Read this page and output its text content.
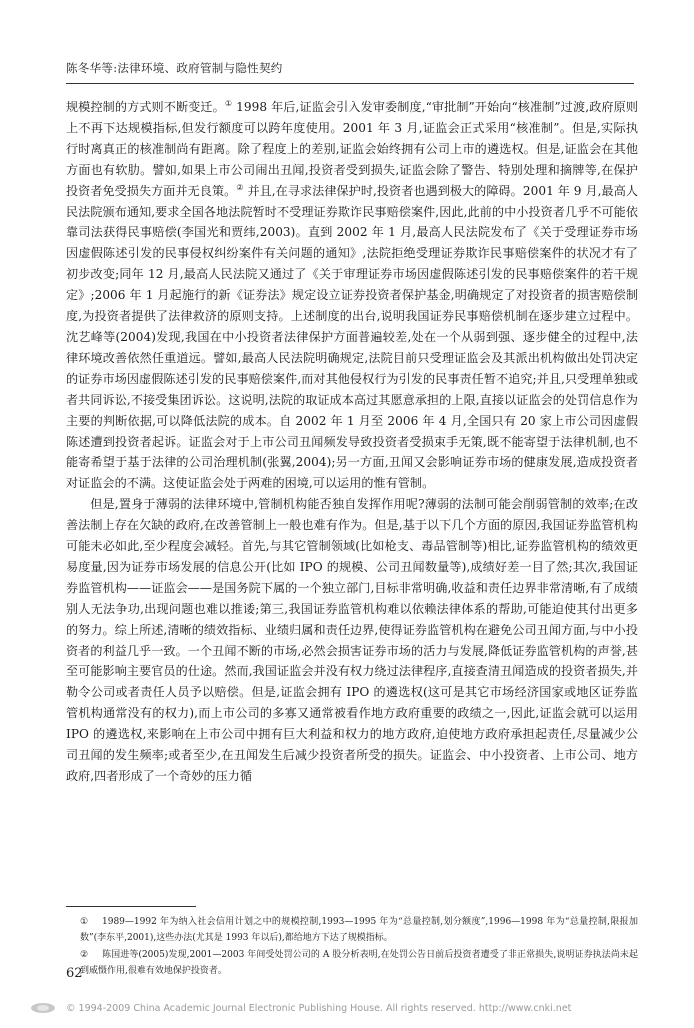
陈冬华等:法律环境、政府管制与隐性契约

规模控制的方式则不断变迁。① 1998 年后,证监会引入发审委制度,“审批制”开始向“核准制”过渡,政府原则上不再下达规模指标,但发行额度可以跨年度使用。2001 年 3 月,证监会正式采用“核准制”。但是,实际执行时离真正的核准制尚有距离。除了程度上的差别,证监会始终拥有公司上市的遴选权。但是,证监会在其他方面也有软肋。譬如,如果上市公司闹出丑闻,投资者受到损失,证监会除了警告、特别处理和摘牌等,在保护投资者免受损失方面并无良策。② 并且,在寻求法律保护时,投资者也遇到极大的障碍。2001 年 9 月,最高人民法院颁布通知,要求全国各地法院暂时不受理证券欺诈民事赔偿案件,因此,此前的中小投资者几乎不可能依靠司法获得民事赔偿(李国光和贾纬,2003)。直到 2002 年 1 月,最高人民法院发布了《关于受理证券市场因虚假陈述引发的民事侵权纠纷案件有关问题的通知》,法院拒绝受理证券欺诈民事赔偿案件的状况才有了初步改变;同年 12 月,最高人民法院又通过了《关于审理证券市场因虚假陈述引发的民事赔偿案件的若干规定》;2006 年 1 月起施行的新《证券法》规定设立证券投资者保护基金,明确规定了对投资者的损害赔偿制度,为投资者提供了法律救济的原则支持。上述制度的出台,说明我国证券民事赔偿机制在逐步建立过程中。沈艺峰等(2004)发现,我国在中小投资者法律保护方面普遍较差,处在一个从弱到强、逐步健全的过程中,法律环境改善依然任重道远。譬如,最高人民法院明确规定,法院目前只受理证监会及其派出机构做出处罚决定的证券市场因虚假陈述引发的民事赔偿案件,而对其他侵权行为引发的民事责任暂不追究;并且,只受理单独或者共同诉讼,不接受集团诉讼。这说明,法院的取证成本高过其愿意承担的上限,直接以证监会的处罚信息作为主要的判断依据,可以降低法院的成本。自 2002 年 1 月至 2006 年 4 月,全国只有 20 家上市公司因虚假陈述遭到投资者起诉。证监会对于上市公司丑闻频发导致投资者受损束手无策,既不能寄望于法律机制,也不能寄希望于基于法律的公司治理机制(张翼,2004);另一方面,丑闻又会影响证券市场的健康发展,造成投资者对证监会的不满。这使证监会处于两难的困境,可以运用的惟有管制。

但是,置身于薄弱的法律环境中,管制机构能否独自发挥作用呢?薄弱的法制可能会削弱管制的效率;在改善法制上存在欠缺的政府,在改善管制上一般也难有作为。但是,基于以下几个方面的原因,我国证券监管机构可能未必如此,至少程度会减轻。首先,与其它管制领域(比如枪支、毒品管制等)相比,证券监管机构的绩效更易度量,因为证券市场发展的信息公开(比如 IPO 的规模、公司丑闻数量等),成绩好差一目了然;其次,我国证券监管机构——证监会——是国务院下属的一个独立部门,目标非常明确,收益和责任边界非常清晰,有了成绩别人无法争功,出现问题也难以推诿;第三,我国证券监管机构难以依赖法律体系的帮助,可能迫使其付出更多的努力。综上所述,清晰的绩效指标、业绩归属和责任边界,使得证券监管机构在避免公司丑闻方面,与中小投资者的利益几乎一致。一个丑闻不断的市场,必然会损害证券市场的活力与发展,降低证券监管机构的声誉,甚至可能影响主要官员的仕途。然而,我国证监会并没有权力绕过法律程序,直接查清丑闻造成的投资者损失,并勒令公司或者责任人员予以赔偿。但是,证监会拥有 IPO 的遴选权(这可是其它市场经济国家或地区证券监管机构通常没有的权力),而上市公司的多寡又通常被看作地方政府重要的政绩之一,因此,证监会就可以运用 IPO 的遴选权,来影响在上市公司中拥有巨大利益和权力的地方政府,迫使地方政府承担起责任,尽量减少公司丑闻的发生频率;或者至少,在丑闻发生后减少投资者所受的损失。证监会、中小投资者、上市公司、地方政府,四者形成了一个奇妙的压力循

① 1989—1992 年为纳入社会信用计划之中的规模控制,1993—1995 年为“总量控制,划分额度”,1996—1998 年为“总量控制,限报加数”(李东平,2001),这些办法(尤其是 1993 年以后),都给地方下达了规模指标。
② 陈国进等(2005)发现,2001—2003 年间受处罚公司的 A 股分析表明,在处罚公告日前后投资者遭受了非正常损失,说明证券执法尚未起到威慑作用,很难有效地保护投资者。
62
© 1994-2009 China Academic Journal Electronic Publishing House. All rights reserved. http://www.cnki.net
